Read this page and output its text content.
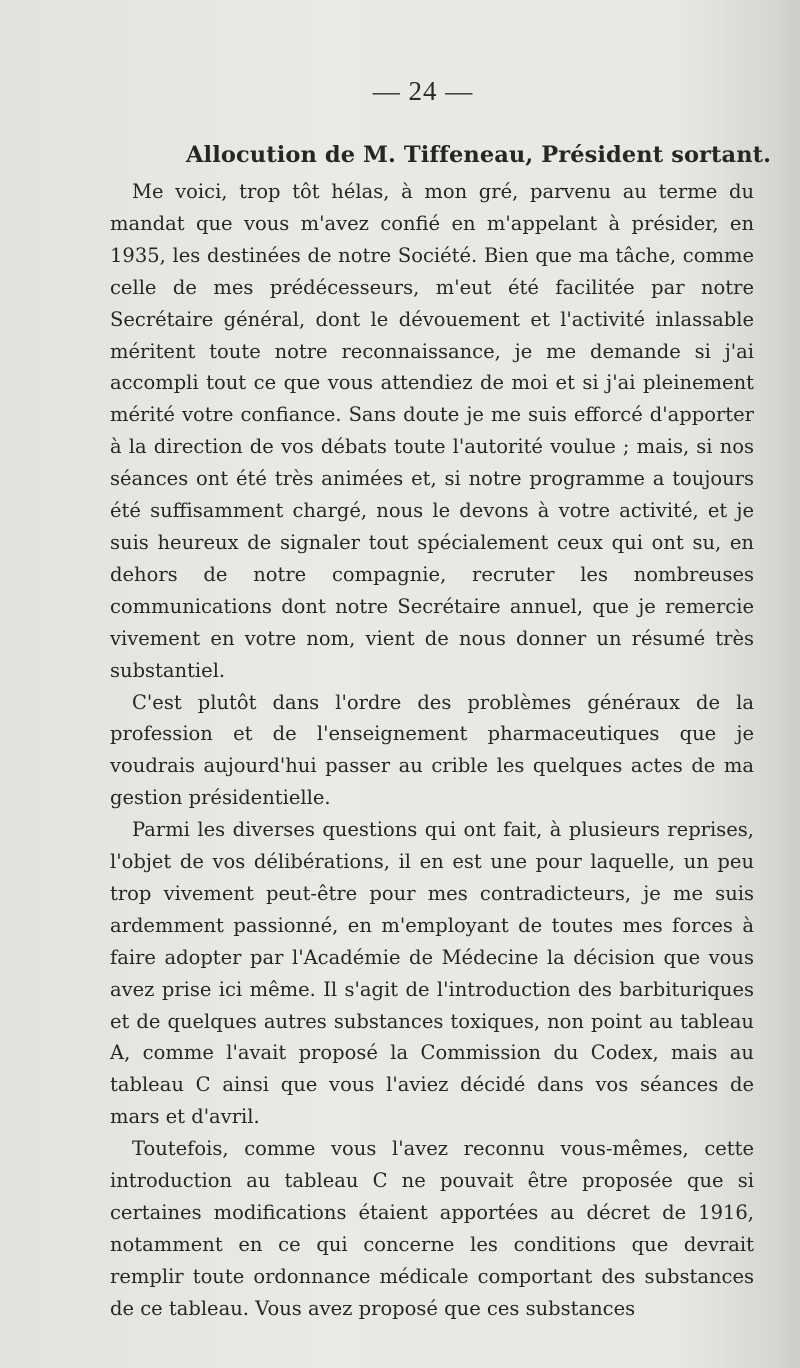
— 24 —
Allocution de M. Tiffeneau, Président sortant.

Me voici, trop tôt hélas, à mon gré, parvenu au terme du mandat que vous m'avez confié en m'appelant à présider, en 1935, les destinées de notre Société. Bien que ma tâche, comme celle de mes prédécesseurs, m'eut été facilitée par notre Secrétaire général, dont le dévouement et l'activité inlassable méritent toute notre reconnaissance, je me demande si j'ai accompli tout ce que vous attendiez de moi et si j'ai pleinement mérité votre confiance. Sans doute je me suis efforcé d'apporter à la direction de vos débats toute l'autorité voulue ; mais, si nos séances ont été très animées et, si notre programme a toujours été suffisamment chargé, nous le devons à votre activité, et je suis heureux de signaler tout spécialement ceux qui ont su, en dehors de notre compagnie, recruter les nombreuses communications dont notre Secrétaire annuel, que je remercie vivement en votre nom, vient de nous donner un résumé très substantiel.

C'est plutôt dans l'ordre des problèmes généraux de la profession et de l'enseignement pharmaceutiques que je voudrais aujourd'hui passer au crible les quelques actes de ma gestion présidentielle.

Parmi les diverses questions qui ont fait, à plusieurs reprises, l'objet de vos délibérations, il en est une pour laquelle, un peu trop vivement peut-être pour mes contradicteurs, je me suis ardemment passionné, en m'employant de toutes mes forces à faire adopter par l'Académie de Médecine la décision que vous avez prise ici même. Il s'agit de l'introduction des barbituriques et de quelques autres substances toxiques, non point au tableau A, comme l'avait proposé la Commission du Codex, mais au tableau C ainsi que vous l'aviez décidé dans vos séances de mars et d'avril.

Toutefois, comme vous l'avez reconnu vous-mêmes, cette introduction au tableau C ne pouvait être proposée que si certaines modifications étaient apportées au décret de 1916, notamment en ce qui concerne les conditions que devrait remplir toute ordonnance médicale comportant des substances de ce tableau. Vous avez proposé que ces substances
